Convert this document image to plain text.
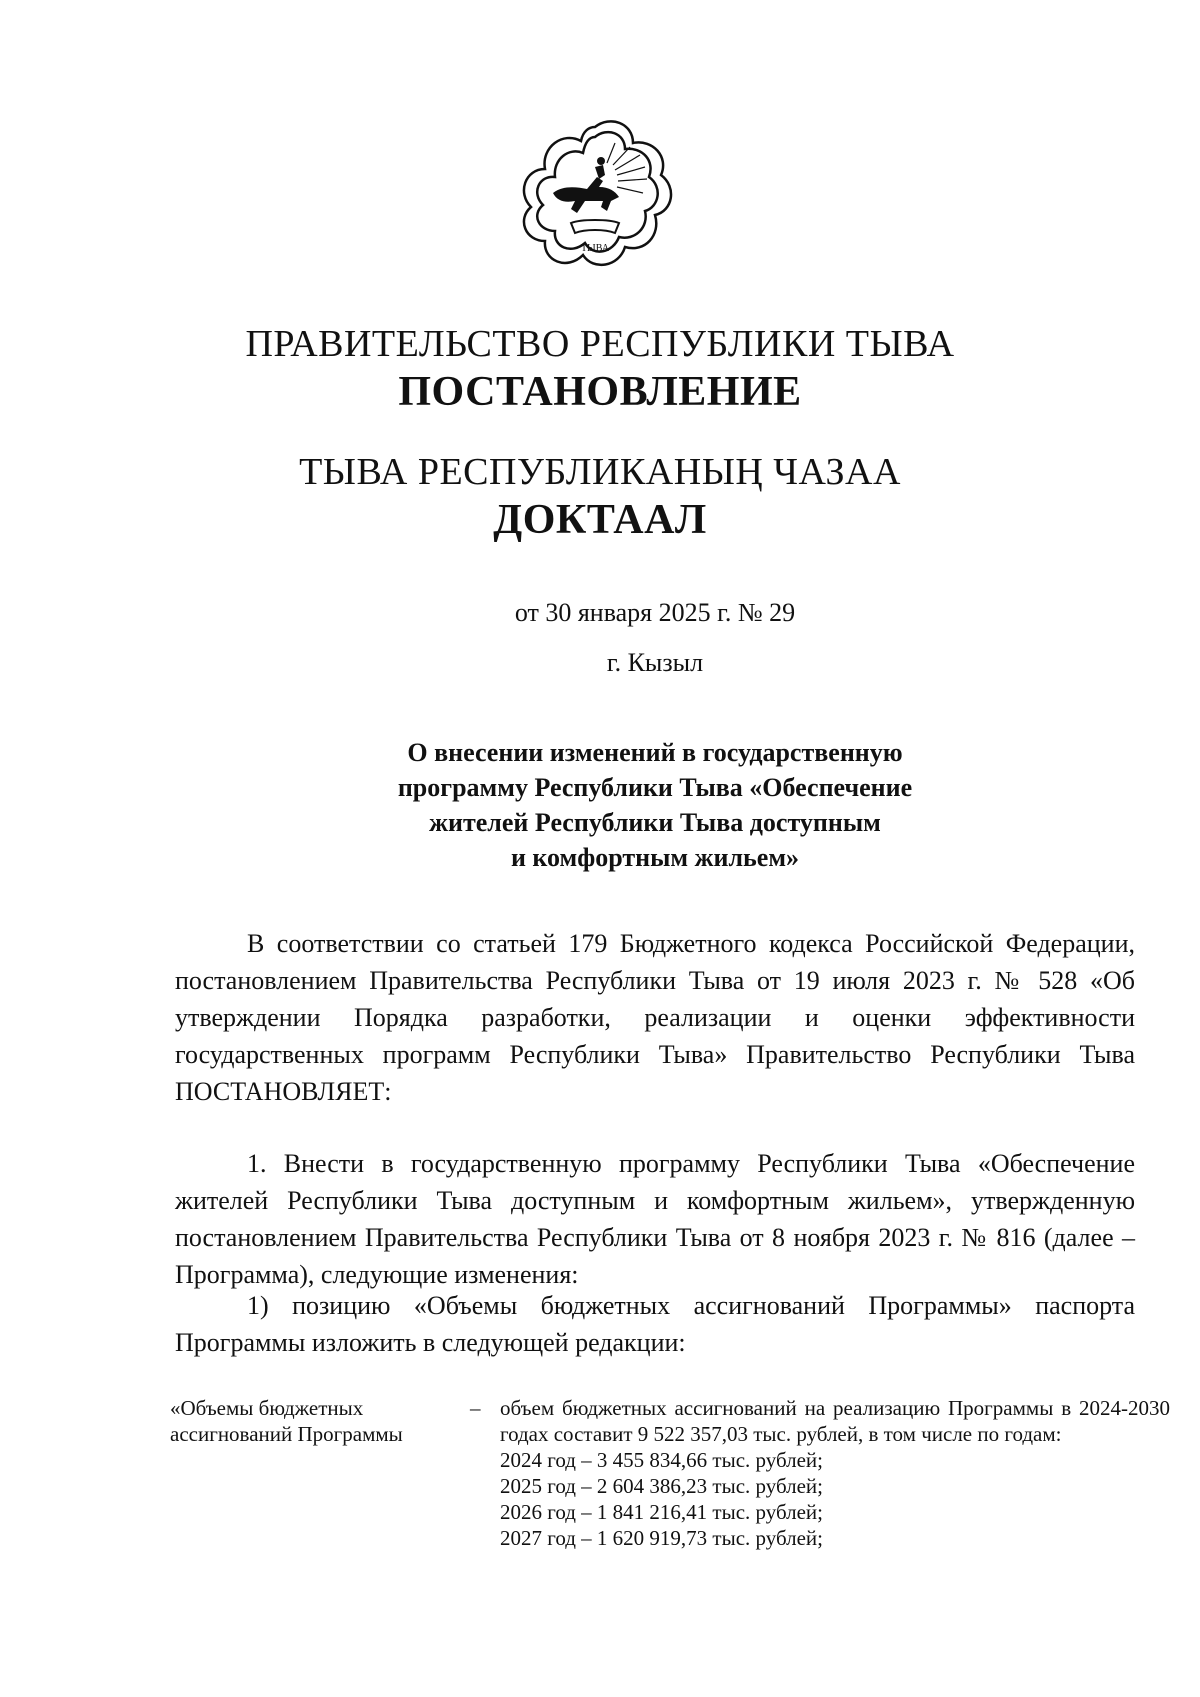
ТЫВА
ПРАВИТЕЛЬСТВО РЕСПУБЛИКИ ТЫВА
ПОСТАНОВЛЕНИЕ
ТЫВА РЕСПУБЛИКАНЫҢ ЧАЗАА
ДОКТААЛ
от 30 января 2025 г. № 29
г. Кызыл
О внесении изменений в государственную
программу Республики Тыва «Обеспечение
жителей Республики Тыва доступным
и комфортным жильем»
В соответствии со статьей 179 Бюджетного кодекса Российской Федерации, постановлением Правительства Республики Тыва от 19 июля 2023 г. № 528 «Об утверждении Порядка разработки, реализации и оценки эффективности государственных программ Республики Тыва» Правительство Республики Тыва ПОСТАНОВЛЯЕТ:
1. Внести в государственную программу Республики Тыва «Обеспечение жителей Республики Тыва доступным и комфортным жильем», утвержденную постановлением Правительства Республики Тыва от 8 ноября 2023 г. № 816 (далее – Программа), следующие изменения:
1) позицию «Объемы бюджетных ассигнований Программы» паспорта Программы изложить в следующей редакции:
«Объемы бюджетных ассигнований Программы
– объем бюджетных ассигнований на реализацию Программы в 2024-2030 годах составит 9 522 357,03 тыс. рублей, в том числе по годам:
2024 год – 3 455 834,66 тыс. рублей;
2025 год – 2 604 386,23 тыс. рублей;
2026 год – 1 841 216,41 тыс. рублей;
2027 год – 1 620 919,73 тыс. рублей;
